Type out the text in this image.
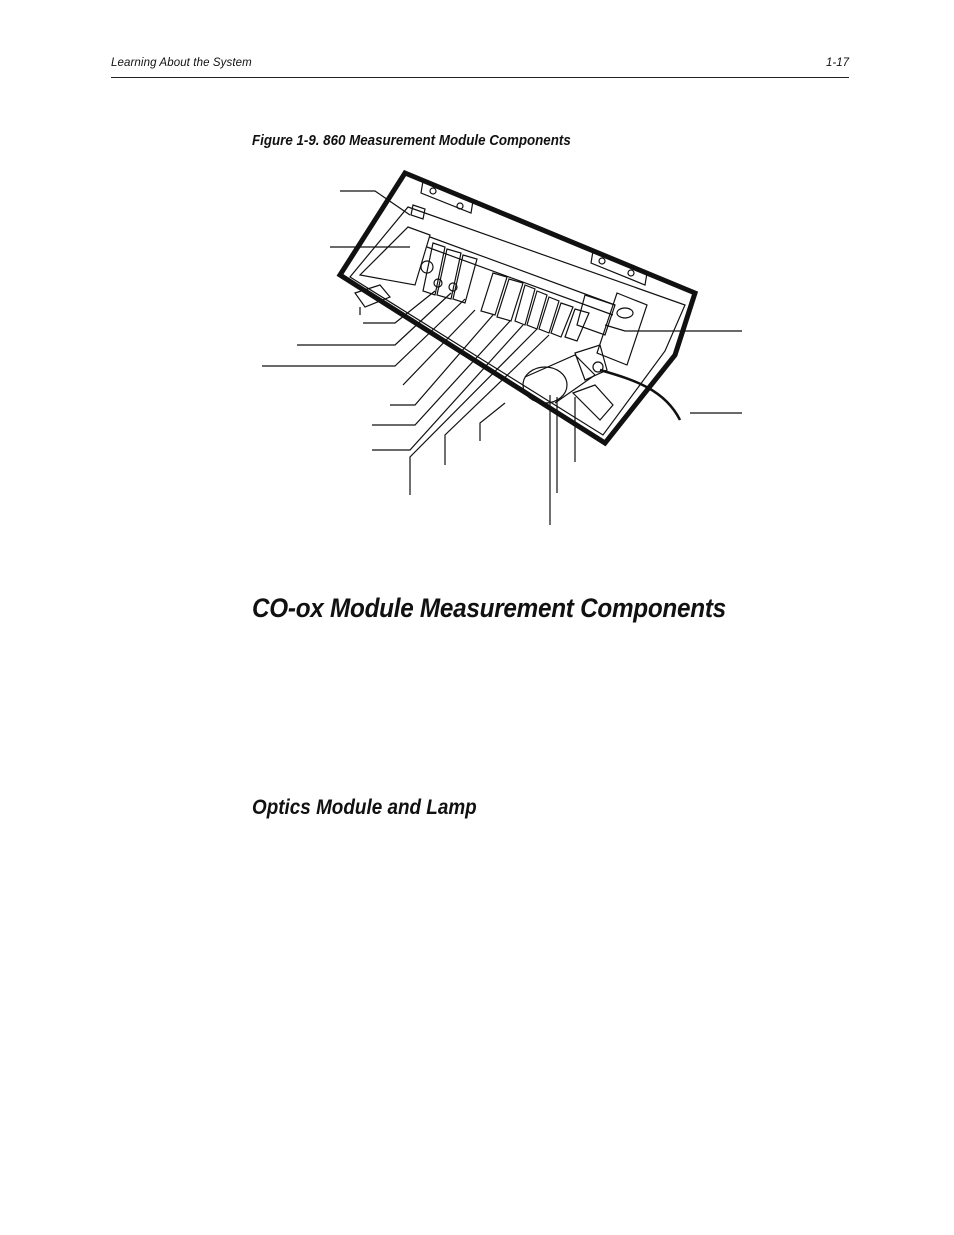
Learning About the System	1-17
Figure 1-9. 860 Measurement Module Components
CO-ox Module Measurement Components
Optics Module and Lamp
